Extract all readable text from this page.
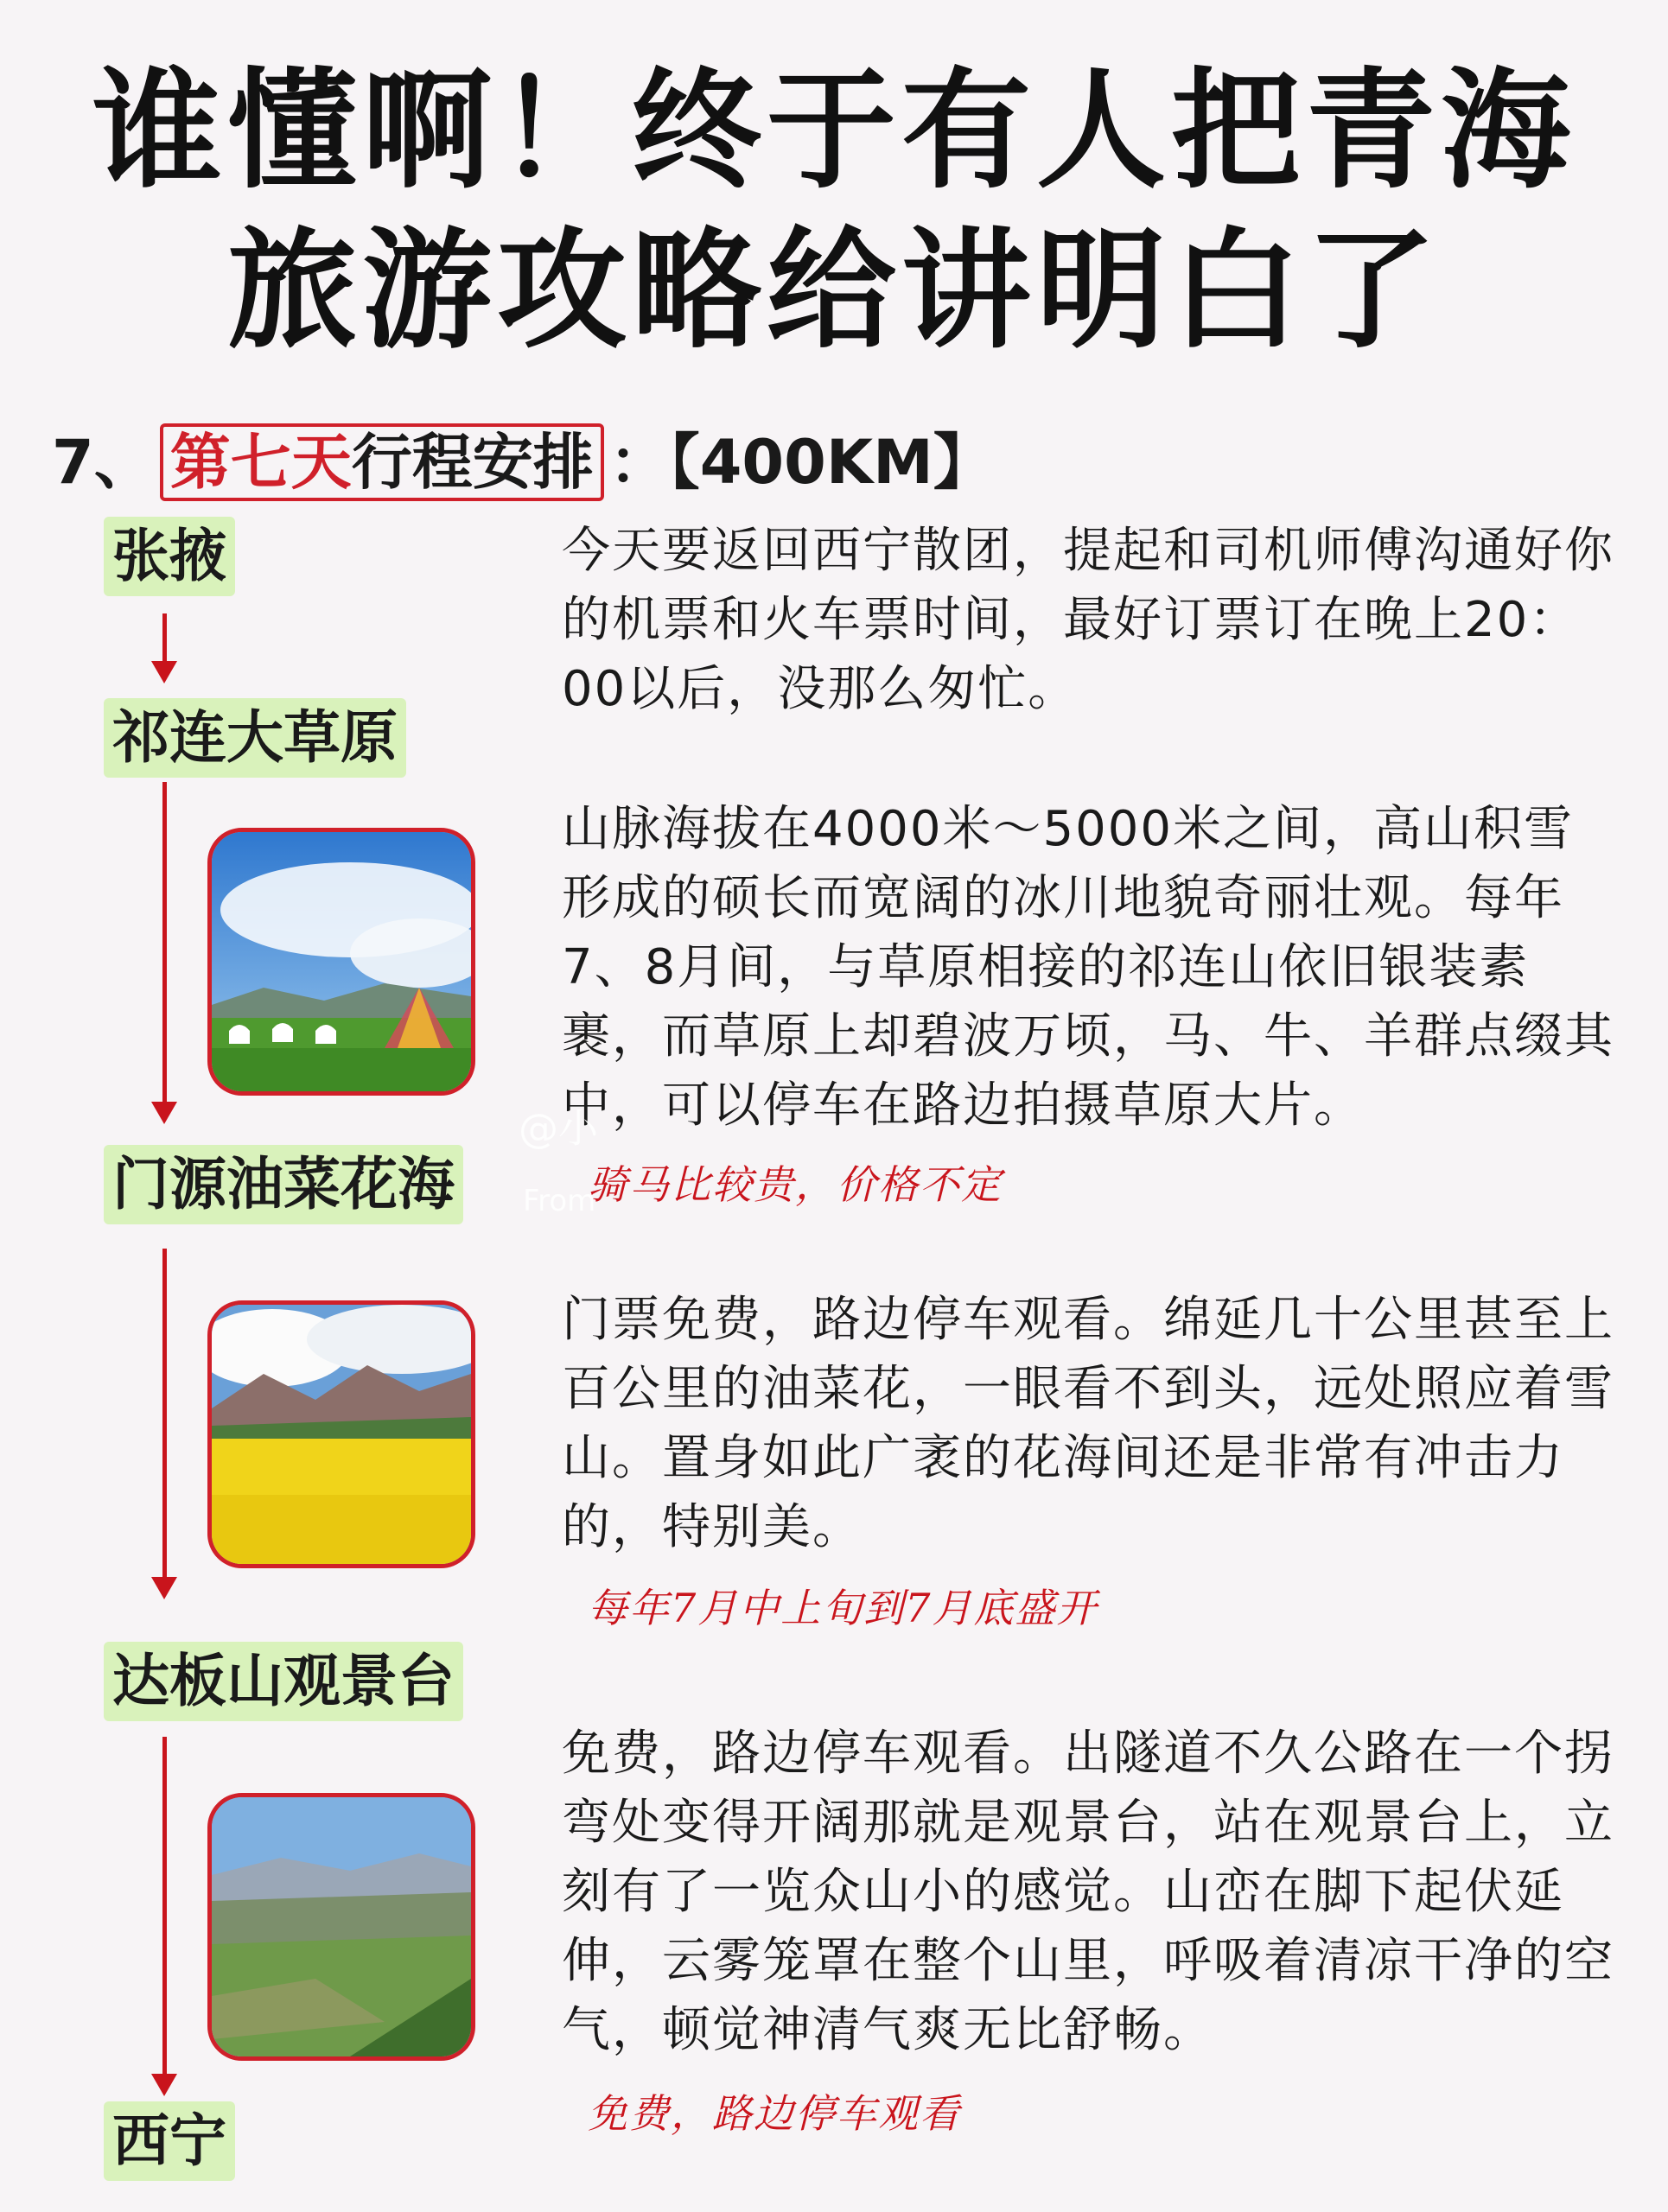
谁懂啊！终于有人把青海
旅游攻略给讲明白了
7、 第七天行程安排 ：【400KM】
张掖
祁连大草原
门源油菜花海
达板山观景台
西宁
今天要返回西宁散团，提起和司机师傅沟通好你的机票和火车票时间，最好订票订在晚上20：00以后，没那么匆忙。
山脉海拔在4000米～5000米之间，高山积雪形成的硕长而宽阔的冰川地貌奇丽壮观。每年7、8月间，与草原相接的祁连山依旧银装素裹，而草原上却碧波万顷，马、牛、羊群点缀其中，可以停车在路边拍摄草原大片。
门票免费，路边停车观看。绵延几十公里甚至上百公里的油菜花，一眼看不到头，远处照应着雪山。置身如此广袤的花海间还是非常有冲击力的，特别美。
免费，路边停车观看。出隧道不久公路在一个拐弯处变得开阔那就是观景台，站在观景台上，立刻有了一览众山小的感觉。山峦在脚下起伏延伸，云雾笼罩在整个山里，呼吸着清凉干净的空气，顿觉神清气爽无比舒畅。
骑马比较贵，价格不定
每年7月中上旬到7月底盛开
免费，路边停车观看
@小
From
